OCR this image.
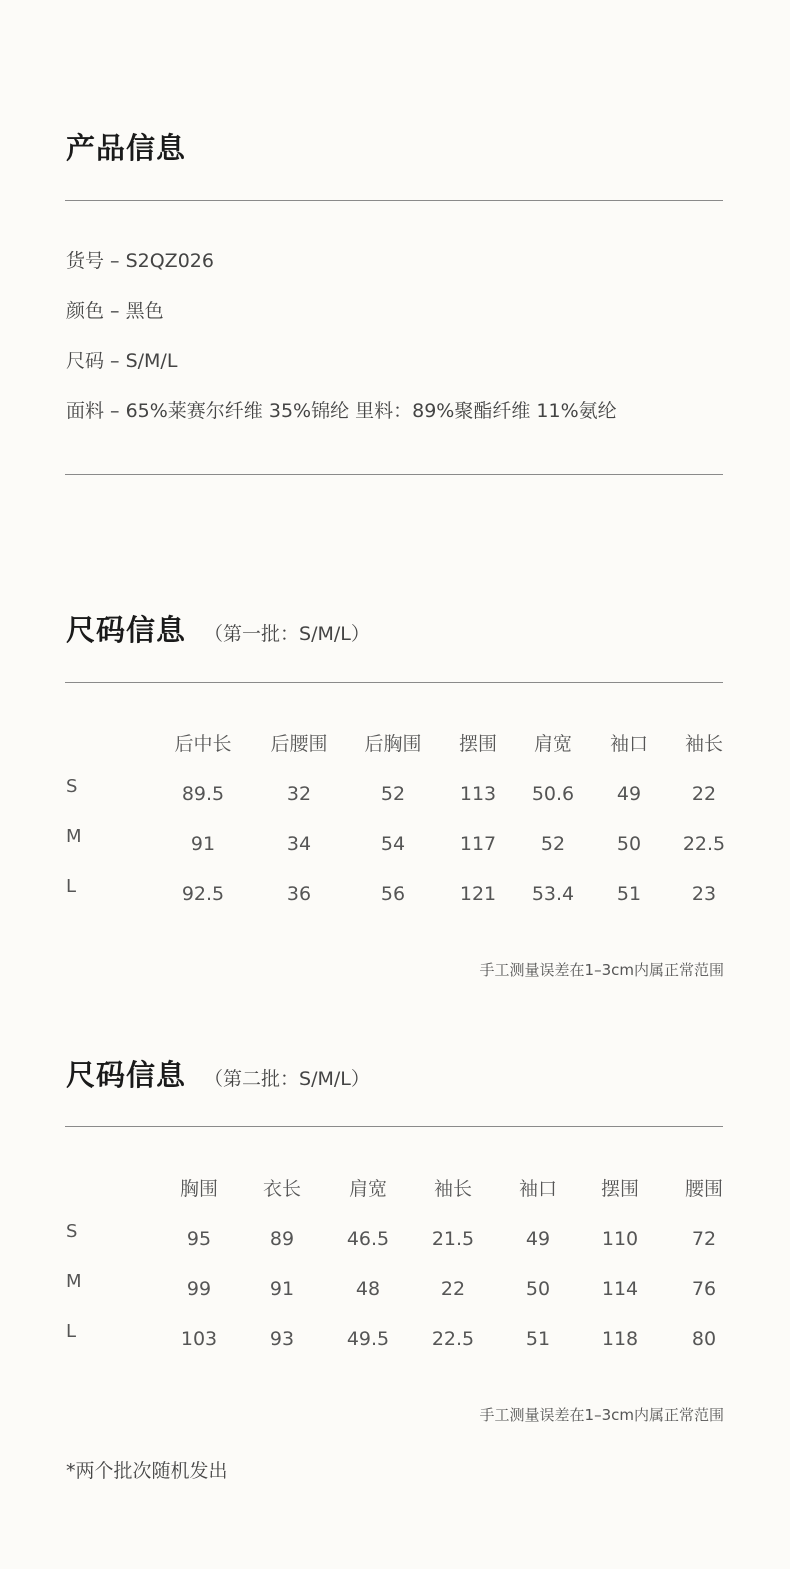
产品信息
货号 – S2QZ026
颜色 – 黑色
尺码 – S/M/L
面料 – 65%莱赛尔纤维 35%锦纶 里料：89%聚酯纤维 11%氨纶
尺码信息 （第一批：S/M/L）
后中长 后腰围 后胸围 摆围 肩宽 袖口 袖长
S	89.5	32	52	113 50.6 49	22
M	91	34	54	117 52	50 22.5
L	92.5	36	56	121 53.4 51	23
手工测量误差在1–3cm内属正常范围
尺码信息 （第二批：S/M/L）
胸围 衣长	肩宽 袖长 袖口 摆围 腰围
S	95	89	46.5 21.5	49	110	72
M	99	91	48	22	50	114	76
L	103	93	49.5 22.5	51	118	80
手工测量误差在1–3cm内属正常范围
*两个批次随机发出
